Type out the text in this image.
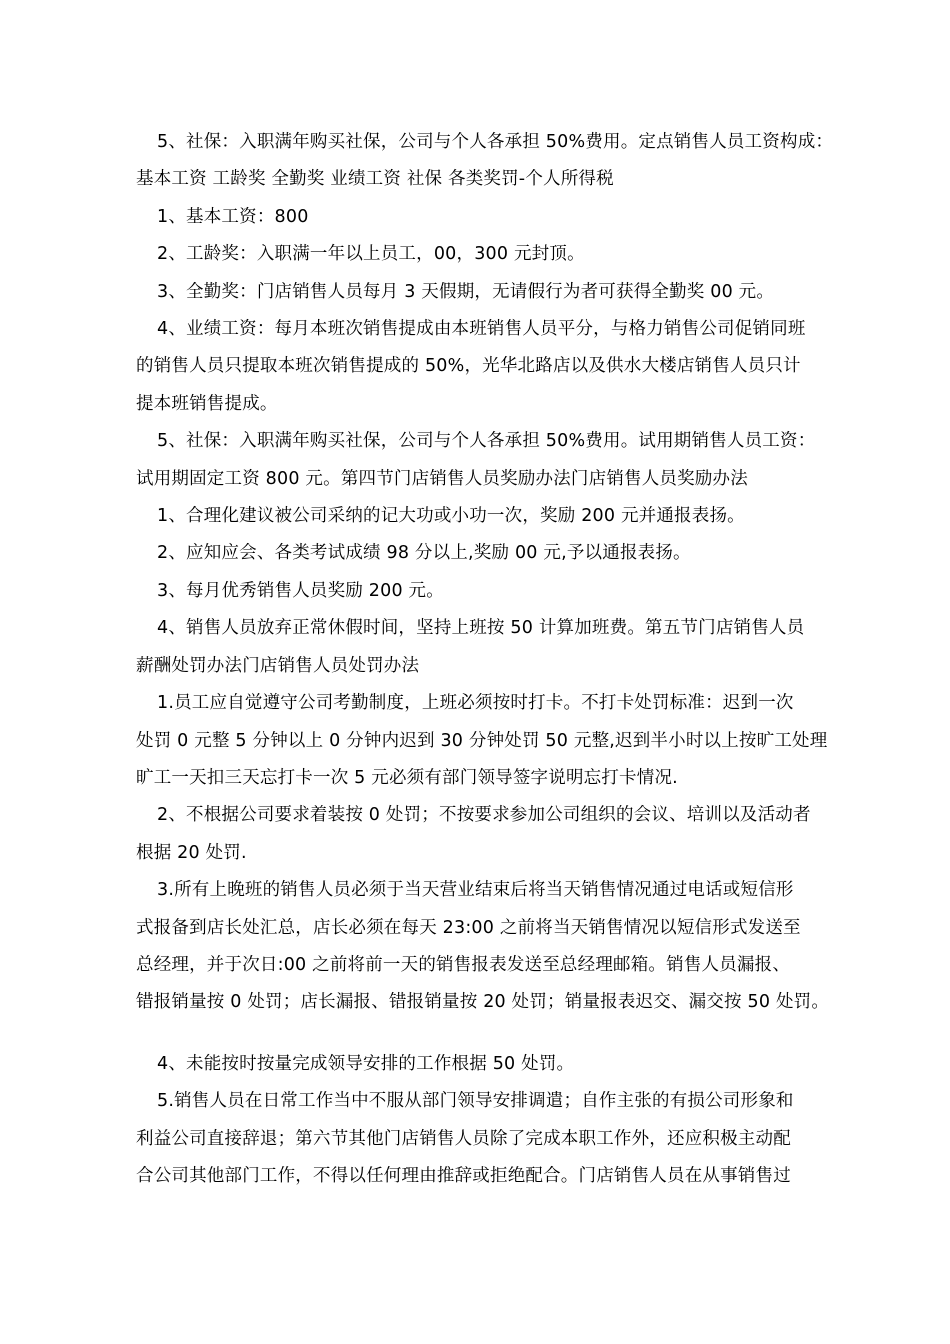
5、社保：入职满年购买社保，公司与个人各承担 50%费用。定点销售人员工资构成：
基本工资 工龄奖 全勤奖 业绩工资 社保 各类奖罚-个人所得税
1、基本工资：800
2、工龄奖：入职满一年以上员工，00，300 元封顶。
3、全勤奖：门店销售人员每月 3 天假期，无请假行为者可获得全勤奖 00 元。
4、业绩工资：每月本班次销售提成由本班销售人员平分，与格力销售公司促销同班
的销售人员只提取本班次销售提成的 50%，光华北路店以及供水大楼店销售人员只计
提本班销售提成。
5、社保：入职满年购买社保，公司与个人各承担 50%费用。试用期销售人员工资：
试用期固定工资 800 元。第四节门店销售人员奖励办法门店销售人员奖励办法
1、合理化建议被公司采纳的记大功或小功一次，奖励 200 元并通报表扬。
2、应知应会、各类考试成绩 98 分以上,奖励 00 元,予以通报表扬。
3、每月优秀销售人员奖励 200 元。
4、销售人员放弃正常休假时间，坚持上班按 50 计算加班费。第五节门店销售人员
薪酬处罚办法门店销售人员处罚办法
1.员工应自觉遵守公司考勤制度，上班必须按时打卡。不打卡处罚标准：迟到一次
处罚 0 元整 5 分钟以上 0 分钟内迟到 30 分钟处罚 50 元整,迟到半小时以上按旷工处理
旷工一天扣三天忘打卡一次 5 元必须有部门领导签字说明忘打卡情况.
2、不根据公司要求着装按 0 处罚；不按要求参加公司组织的会议、培训以及活动者
根据 20 处罚.
3.所有上晚班的销售人员必须于当天营业结束后将当天销售情况通过电话或短信形
式报备到店长处汇总，店长必须在每天 23:00 之前将当天销售情况以短信形式发送至
总经理，并于次日:00 之前将前一天的销售报表发送至总经理邮箱。销售人员漏报、
错报销量按 0 处罚；店长漏报、错报销量按 20 处罚；销量报表迟交、漏交按 50 处罚。
4、未能按时按量完成领导安排的工作根据 50 处罚。
5.销售人员在日常工作当中不服从部门领导安排调遣；自作主张的有损公司形象和
利益公司直接辞退；第六节其他门店销售人员除了完成本职工作外，还应积极主动配
合公司其他部门工作，不得以任何理由推辞或拒绝配合。门店销售人员在从事销售过
